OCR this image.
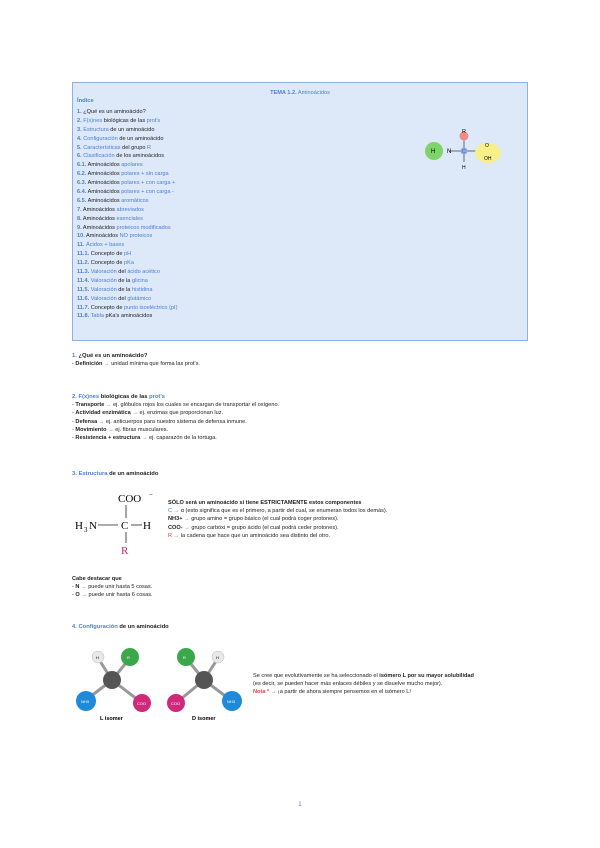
TEMA 1.2. Aminoácidos
Índice
1. ¿Qué es un aminoácido?
2. F(x)nes biológicas de las prot's
3. Estructura de un aminoácido
4. Configuración de un aminoácido
5. Características del grupo R
6. Clasificación de los aminoácidos
6.1. Aminoácidos apolares
6.2. Aminoácidos polares + sin carga
6.3. Aminoácidos polares + con carga +
6.4. Aminoácidos polares + con carga -
6.5. Aminoácidos aromáticos
7. Aminoácidos abreviados
8. Aminoácidos esenciales
9. Aminoácidos proteicos modificados
10. Aminoácidos NO proteicos
11. Ácidos + bases
11.1. Concepto de pH
11.2. Concepto de pKa
11.3. Valoración del ácido acético
11.4. Valoración de la glicina
11.5. Valoración de la histidina
11.6. Valoración del glutámico
11.7. Concepto de punto isoeléctrico (pI)
11.8. Tabla pKa's aminoácidos
H N C
R
H
O
OH
1. ¿Qué es un aminoácido?
- Definición → unidad mínima que forma las prot's.
2. F(x)nes biológicas de las prot's
- Transporte → ej. glóbulos rojos los cuales se encargan de transportar el oxígeno.
- Actividad enzimática → ej. enzimas que proporcionan luz.
- Defensa → ej. anticuerpos para nuestro sistema de defensa inmune.
- Movimiento → ej. fibras musculares.
- Resistencia + estructura → ej. caparazón de la tortuga.
3. Estructura de un aminoácido
COO −
H 3 N C H
R
SÓLO será un aminoácido si tiene ESTRICTAMENTE estos componentes
C → α (esto significa que es el primero, a partir del cual, se enumeran todos los demás).
NH3+ → grupo amino = grupo básico (el cual podrá coger protones).
COO- → grupo carbóxi = grupo ácido (el cual podrá ceder protones).
R → la cadena que hace que un aminoácido sea distinto del otro.
Cabe destacar que
- N → puede unir hasta 5 cosas.
- O → puede unir hasta 6 cosas.
4. Configuración de un aminoácido
H	R
NH3	COO
L isomer
R	H
COO	NH3
D isomer
Se cree que evolutivamente se ha seleccionado el isómero L por su mayor solubilidad
(es decir, se pueden hacer más enlaces débiles y se disuelve mucho mejor).
Nota * → ¡a partir de ahora siempre pensemos en el isómero L!
1
